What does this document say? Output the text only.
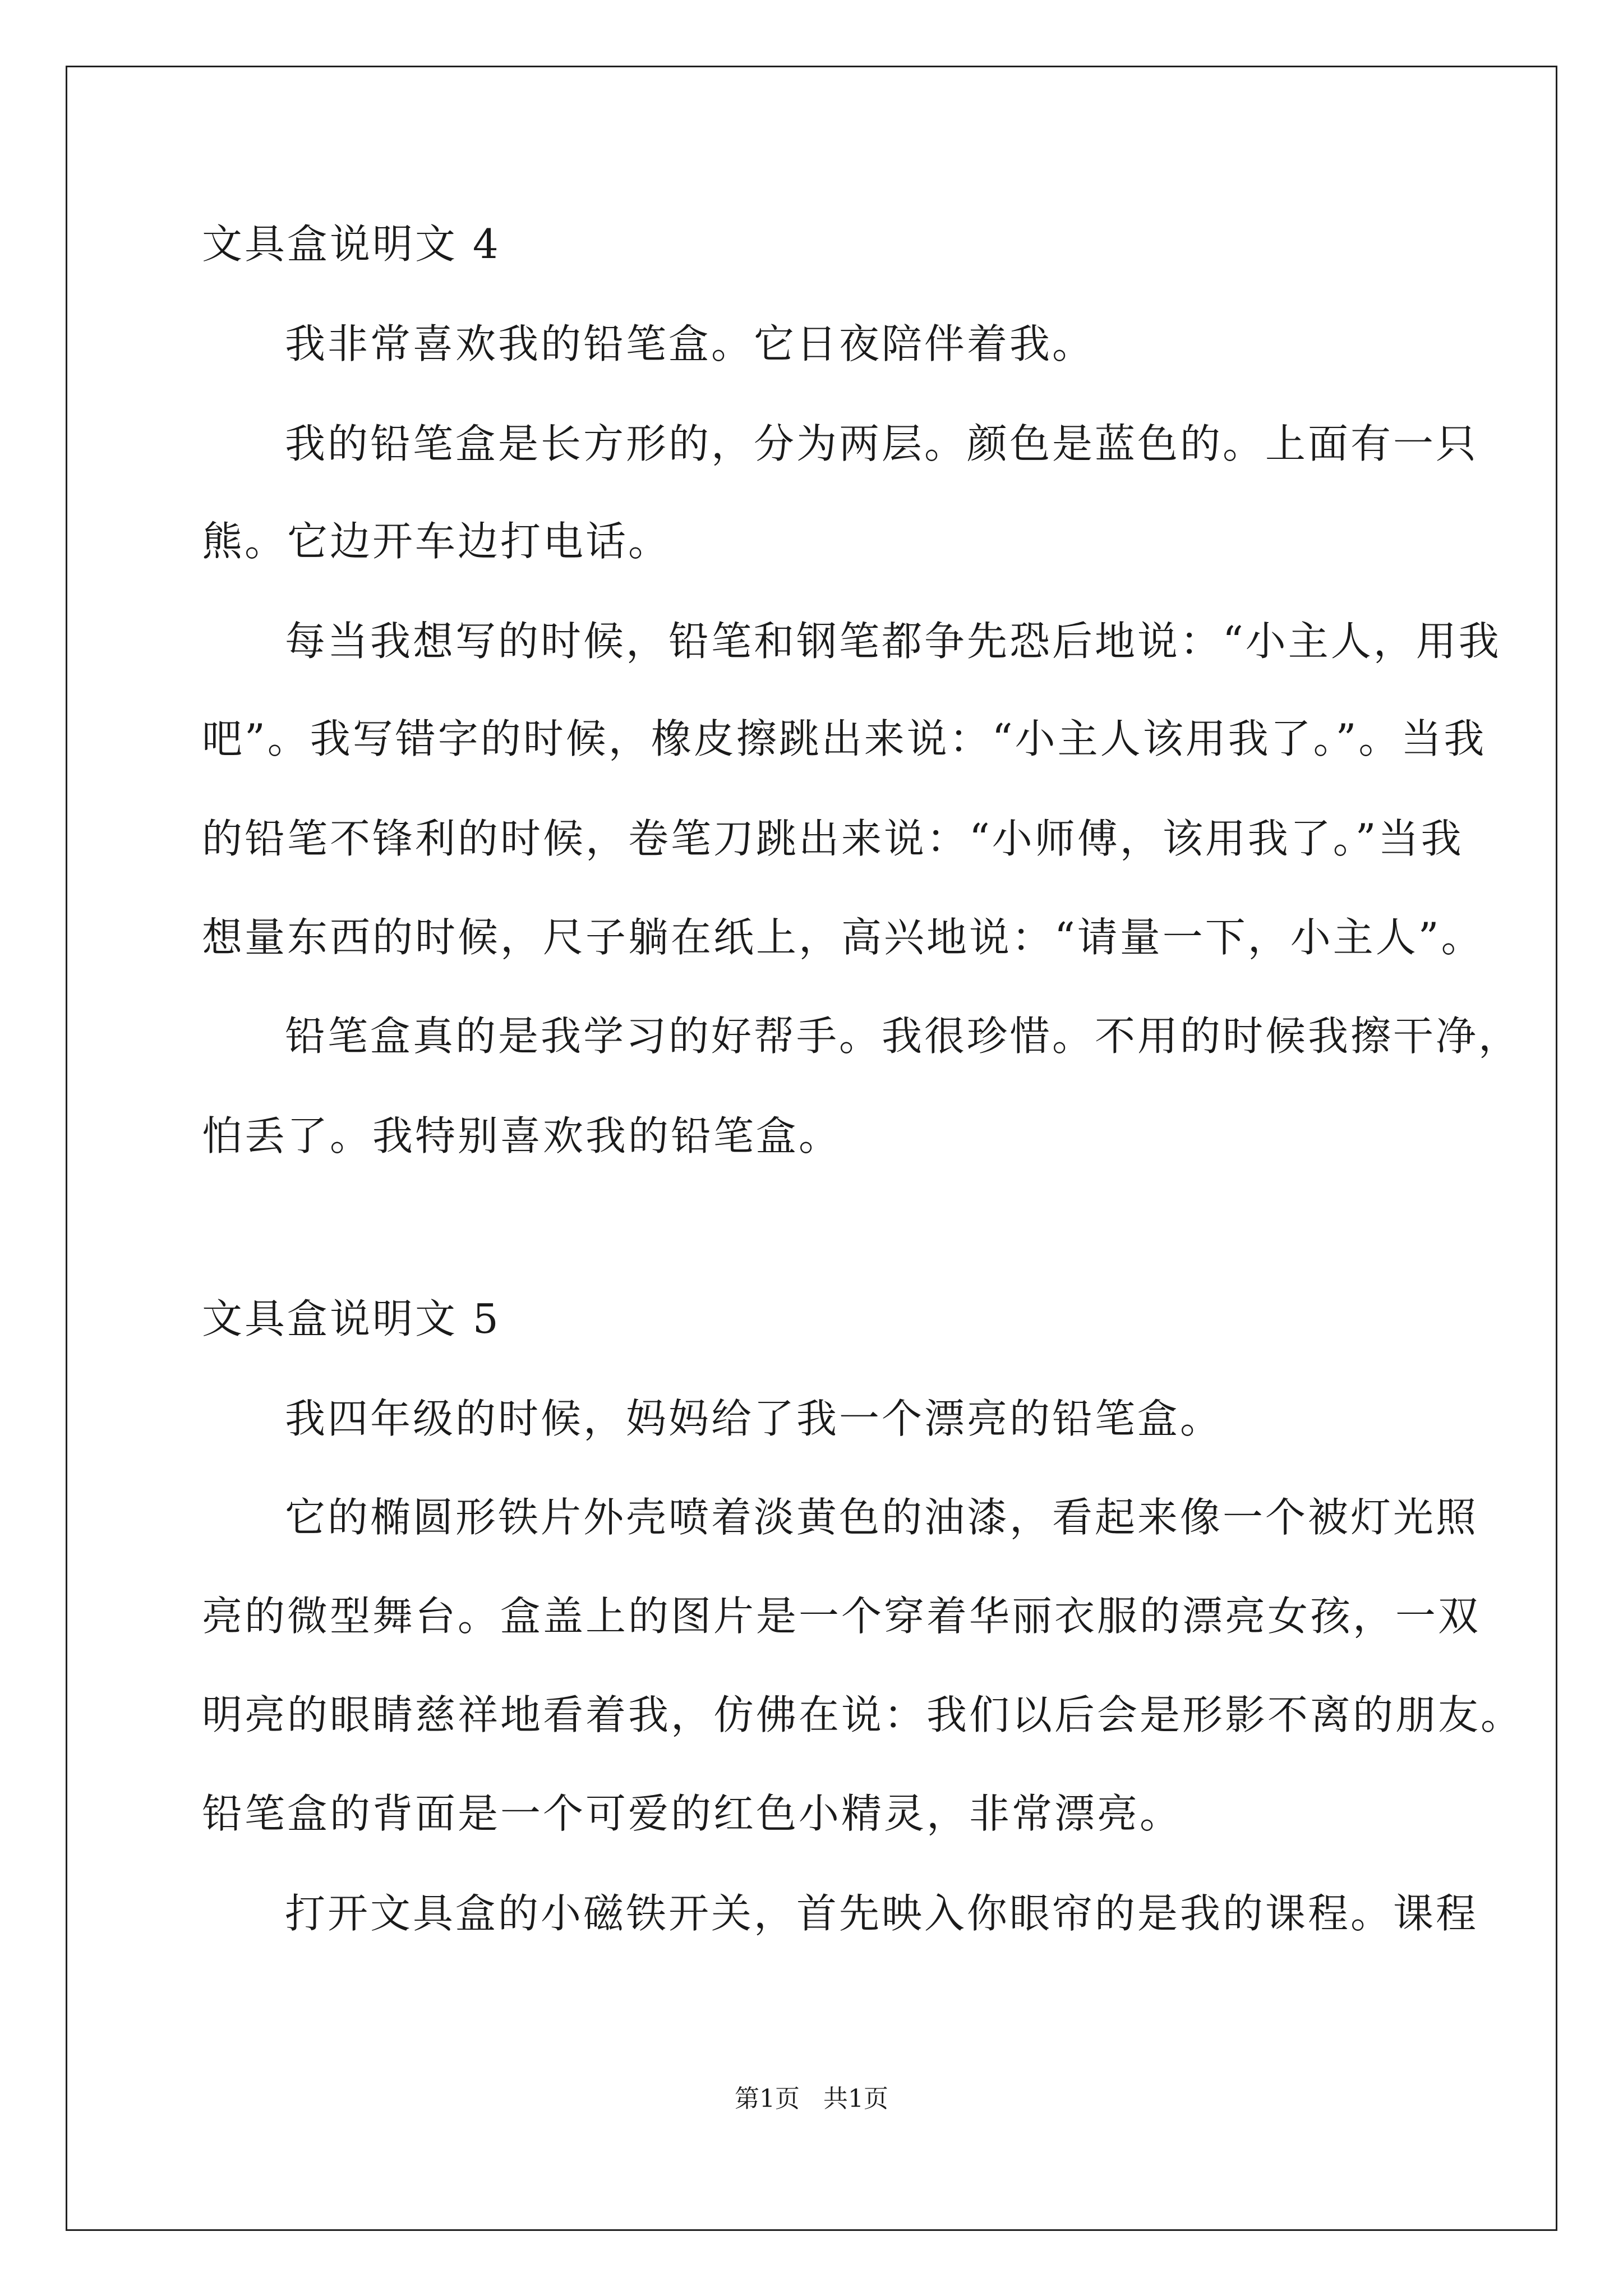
文具盒说明文 4
我非常喜欢我的铅笔盒。它日夜陪伴着我。
我的铅笔盒是长方形的，分为两层。颜色是蓝色的。上面有一只
熊。它边开车边打电话。
每当我想写的时候，铅笔和钢笔都争先恐后地说：“小主人，用我
吧”。我写错字的时候，橡皮擦跳出来说：“小主人该用我了。”。当我
的铅笔不锋利的时候，卷笔刀跳出来说：“小师傅，该用我了。”当我
想量东西的时候，尺子躺在纸上，高兴地说：“请量一下，小主人”。
铅笔盒真的是我学习的好帮手。我很珍惜。不用的时候我擦干净，
怕丢了。我特别喜欢我的铅笔盒。
文具盒说明文 5
我四年级的时候，妈妈给了我一个漂亮的铅笔盒。
它的椭圆形铁片外壳喷着淡黄色的油漆，看起来像一个被灯光照
亮的微型舞台。盒盖上的图片是一个穿着华丽衣服的漂亮女孩，一双
明亮的眼睛慈祥地看着我，仿佛在说：我们以后会是形影不离的朋友。
铅笔盒的背面是一个可爱的红色小精灵，非常漂亮。
打开文具盒的小磁铁开关，首先映入你眼帘的是我的课程。课程
第1页 共1页
